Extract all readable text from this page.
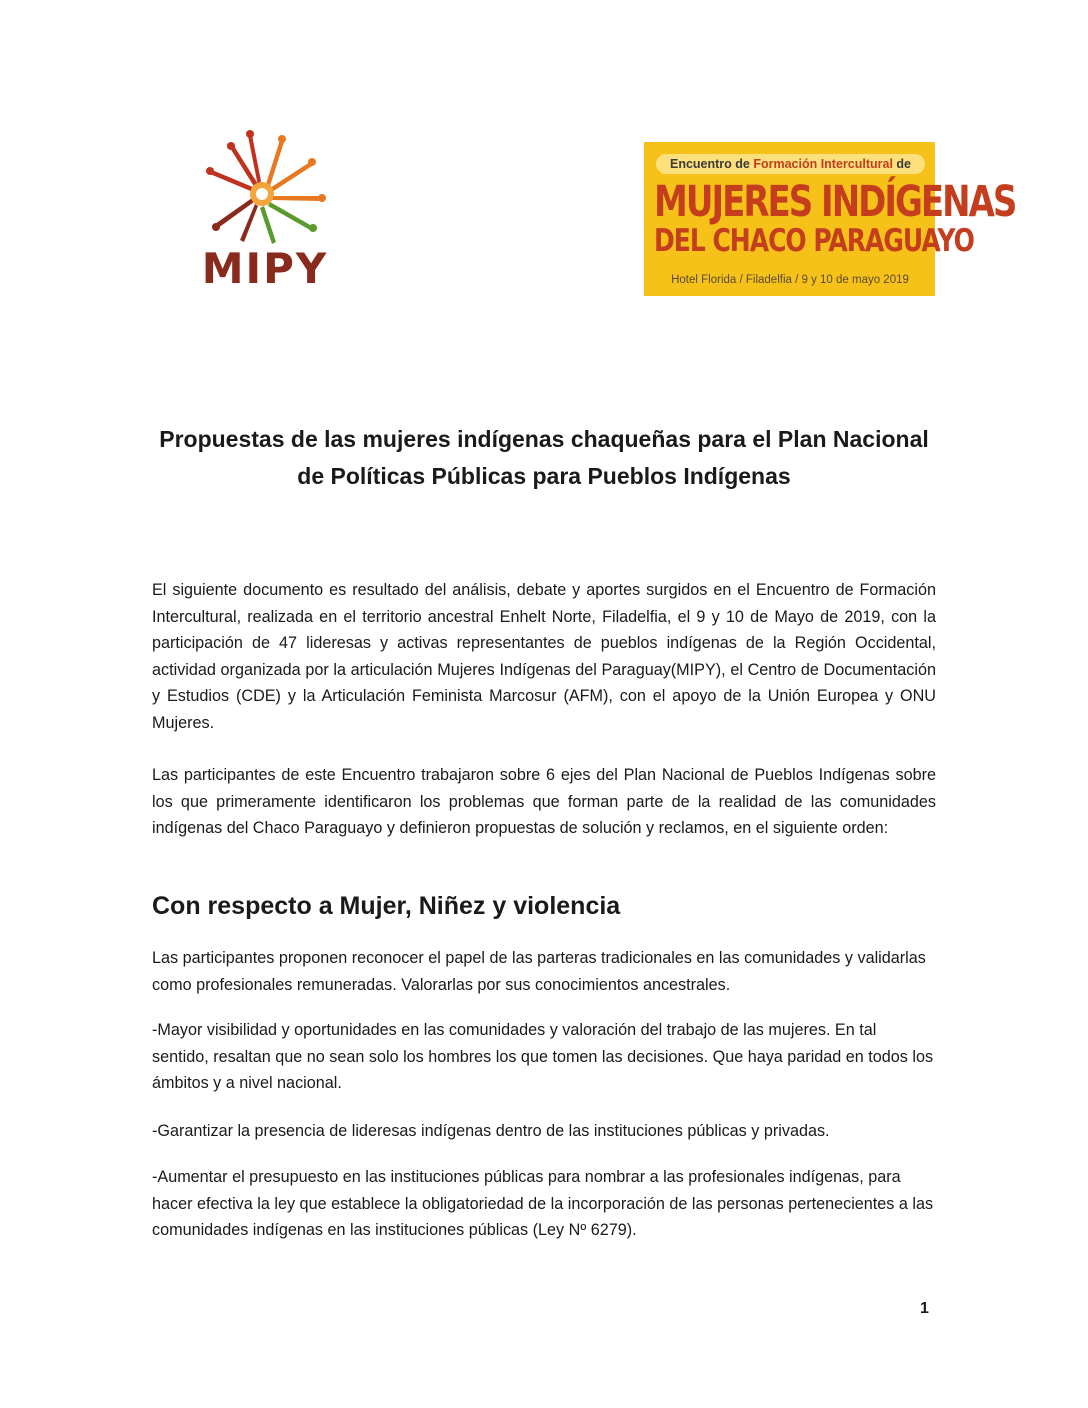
MIPY
Encuentro de Formación Intercultural de
MUJERES INDÍGENAS
DEL CHACO PARAGUAYO
Hotel Florida / Filadelfia / 9 y 10 de mayo 2019
Propuestas de las mujeres indígenas chaqueñas para el Plan Nacional de Políticas Públicas para Pueblos Indígenas

El siguiente documento es resultado del análisis, debate y aportes surgidos en el Encuentro de Formación Intercultural, realizada en el territorio ancestral Enhelt Norte, Filadelfia, el 9 y 10 de Mayo de 2019, con la participación de 47 lideresas y activas representantes de pueblos indígenas de la Región Occidental, actividad organizada por la articulación Mujeres Indígenas del Paraguay(MIPY), el Centro de Documentación y Estudios (CDE) y la Articulación Feminista Marcosur (AFM), con el apoyo de la Unión Europea y ONU Mujeres.

Las participantes de este Encuentro trabajaron sobre 6 ejes del Plan Nacional de Pueblos Indígenas sobre los que primeramente identificaron los problemas que forman parte de la realidad de las comunidades indígenas del Chaco Paraguayo y definieron propuestas de solución y reclamos, en el siguiente orden:

Con respecto a Mujer, Niñez y violencia

Las participantes proponen reconocer el papel de las parteras tradicionales en las comunidades y validarlas como profesionales remuneradas. Valorarlas por sus conocimientos ancestrales.

-Mayor visibilidad y oportunidades en las comunidades y valoración del trabajo de las mujeres. En tal sentido, resaltan que no sean solo los hombres los que tomen las decisiones. Que haya paridad en todos los ámbitos y a nivel nacional.

-Garantizar la presencia de lideresas indígenas dentro de las instituciones públicas y privadas.

-Aumentar el presupuesto en las instituciones públicas para nombrar a las profesionales indígenas, para hacer efectiva la ley que establece la obligatoriedad de la incorporación de las personas pertenecientes a las comunidades indígenas en las instituciones públicas (Ley Nº 6279).

1
